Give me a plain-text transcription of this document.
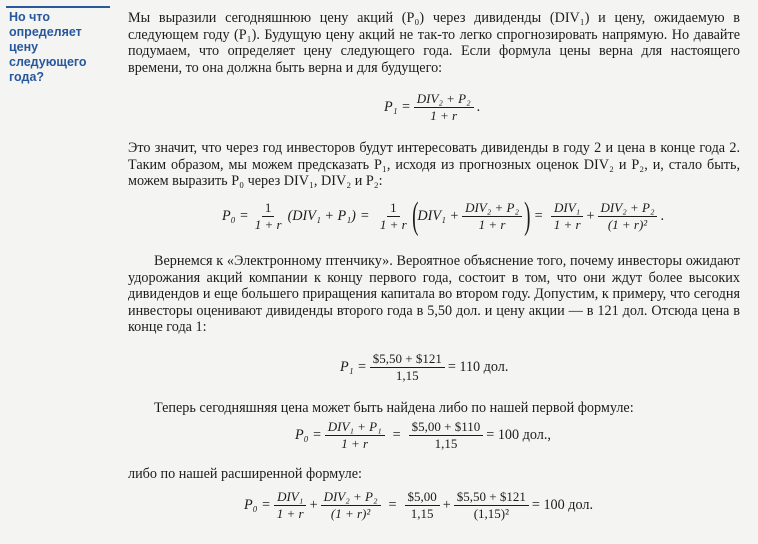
Но что
определяет
цену
следующего
года?

Мы выразили сегодняшнюю цену акций (P₀) через дивиденды (DIV₁) и цену, ожидаемую в следующем году (P₁). Будущую цену акций не так-то легко спрогнозировать напрямую. Но давайте подумаем, что определяет цену следующего года. Если формула цены верна для настоящего времени, то она должна быть верна и для будущего:

$P_1 = \frac{\text{DIV₂ + P₂}}{1 + r}$ .

Это значит, что через год инвесторов будут интересовать дивиденды в году 2 и цена в конце года 2. Таким образом, мы можем предсказать P₁, исходя из прогнозных оценок DIV₂ и P₂, и, стало быть, можем выразить P₀ через DIV₁, DIV₂ и P₂:

$P_0 = \frac{1}{1 + r} (DIV_1 + P_1) = \frac{1}{1 + r}$ ( $DIV_1 + \frac{\text{DIV₂ + P₂}}{1 + r}$ ) = $\frac{\text{DIV₁}}{1 + r} + \frac{\text{DIV₂ + P₂}}{\text{(1 + r)²}}$ .

Вернемся к «Электронному птенчику». Вероятное объяснение того, почему инвесторы ожидают удорожания акций компании к концу первого года, состоит в том, что они ждут более высоких дивидендов и еще большего приращения капитала во втором году. Допустим, к примеру, что сегодня инвесторы оценивают дивиденды второго года в 5,50 дол. и цену акции — в 121 дол. Отсюда цена в конце года 1:

$P_1 = \frac{\$5,50 + \$121}{1,15} = 110$ дол.

Теперь сегодняшняя цена может быть найдена либо по нашей первой формуле:

$P_0 = \frac{\text{DIV₁ + P₁}}{1 + r} = \frac{\$5,00 + \$110}{1,15} = 100$ дол.,

либо по нашей расширенной формуле:

$P_0 = \frac{\text{DIV₁}}{1 + r} + \frac{\text{DIV₂ + P₂}}{\text{(1 + r)²}} = \frac{\$5,00}{1,15} + \frac{\$5,50 + \$121}{\text{(1,15)²}} = 100$ дол.
